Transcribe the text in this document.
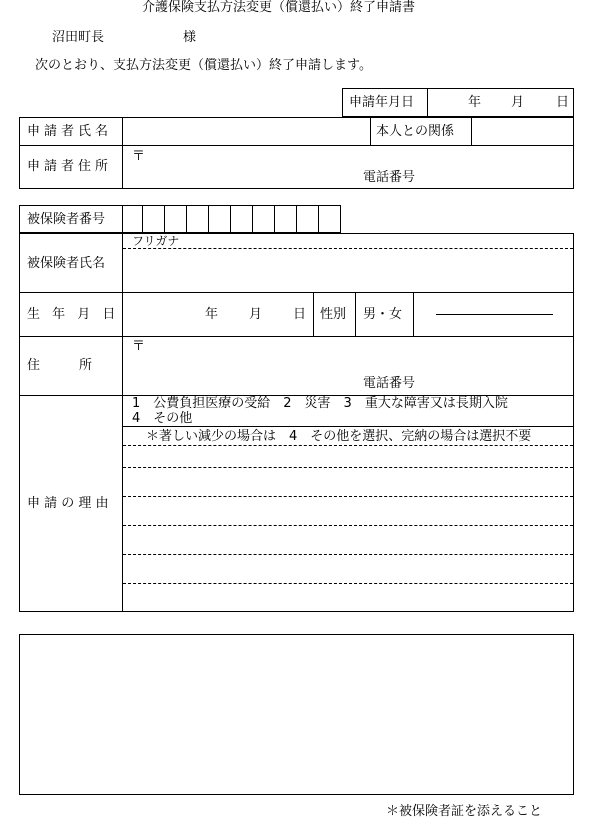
介護保険支払方法変更（償還払い）終了申請書
沼田町長	様
次のとおり、支払方法変更（償還払い）終了申請します。
申請年月日	年 月 日
申請者氏名	本人との関係
申請者住所
〒
電話番号
被保険者番号
被保険者氏名
フリガナ
生 年 月 日	年 月 日 性別 男・女
住　　　所
〒
電話番号
申 請 の 理 由
1　公費負担医療の受給　2　災害　3　重大な障害又は長期入院
4　その他
＊著しい減少の場合は　4　その他を選択、完納の場合は選択不要
＊被保険者証を添えること
